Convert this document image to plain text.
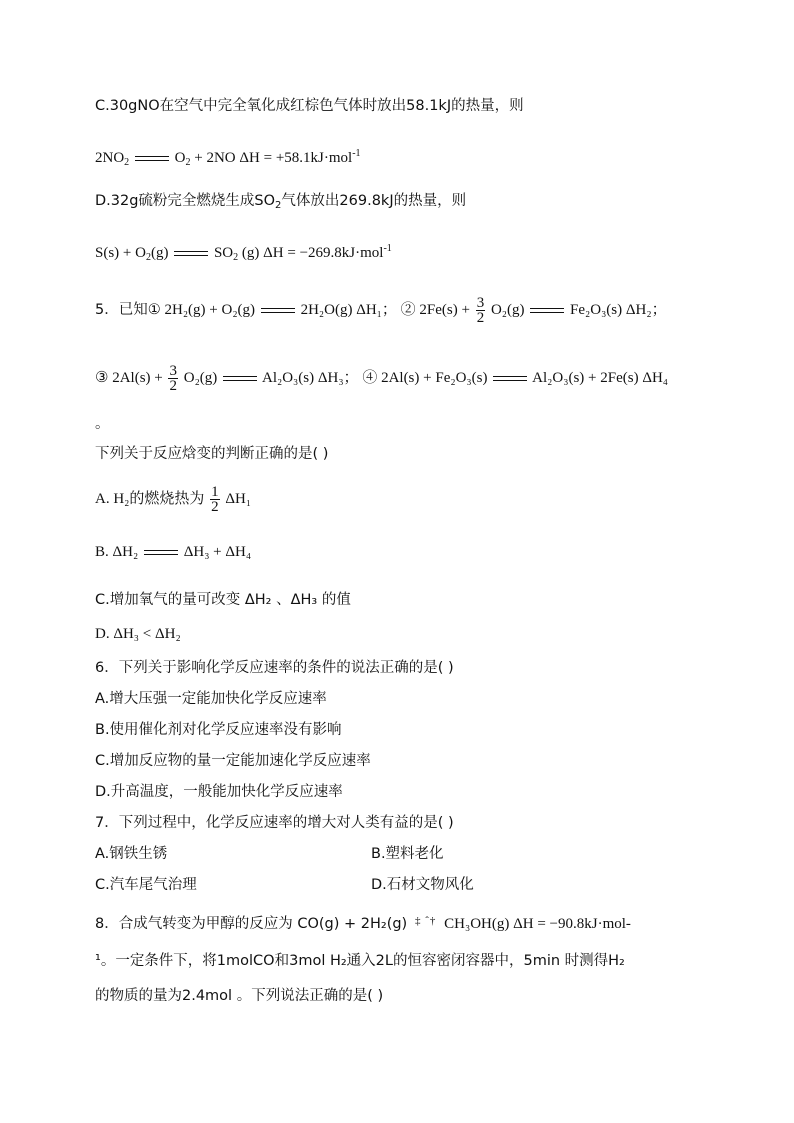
C.30gNO在空气中完全氧化成红棕色气体时放出58.1kJ的热量，则
$2NO_2$	$O_2 + 2NO$ ΔH = +58.1kJ·mol$^{-1}$
D.32g硫粉完全燃烧生成$SO_2$气体放出269.8kJ的热量，则
$S(s) + O_2(g)$	$SO_2$ (g) ΔH = −269.8kJ·mol$^{-1}$
5．已知① 2H₂(g) + O₂(g)	2H₂O(g) ΔH₁； ② $2Fe(s) + \frac{3}{2} O_2(g)$	Fe₂O₃(s) ΔH₂；
③ $2Al(s) + \frac{3}{2} O_2(g)$	Al₂O₃(s) ΔH₃； ④ 2Al(s) + Fe₂O₃(s)	Al₂O₃(s) + 2Fe(s) ΔH₄
。
下列关于反应焓变的判断正确的是( )
A. H₂的燃烧热为 $\frac{1}{2} \Delta H_1$
B. ΔH₂	ΔH₃ + ΔH₄
C.增加氧气的量可改变 ΔH₂ 、ΔH₃ 的值
D. ΔH₃ < ΔH₂
6．下列关于影响化学反应速率的条件的说法正确的是( )
A.增大压强一定能加快化学反应速率
B.使用催化剂对化学反应速率没有影响
C.增加反应物的量一定能加速化学反应速率
D.升高温度，一般能加快化学反应速率
7．下列过程中，化学反应速率的增大对人类有益的是( )
A.钢铁生锈	B.塑料老化
C.汽车尾气治理	D.石材文物风化
8．合成气转变为甲醇的反应为 CO(g) + 2H₂(g) ‡ ˆ† CH₃OH(g) ΔH = −90.8kJ·mol-
¹。一定条件下，将1molCO和3mol H₂通入2L的恒容密闭容器中，5min 时测得H₂
的物质的量为2.4mol 。下列说法正确的是( )
